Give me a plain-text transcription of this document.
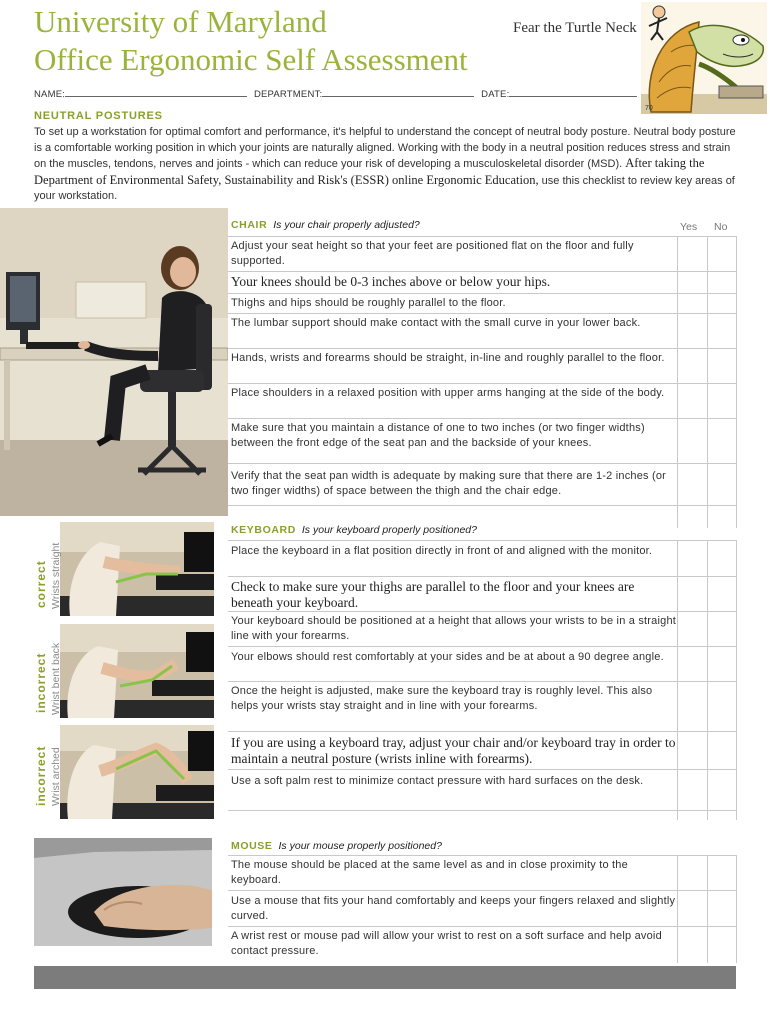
University of Maryland
Office Ergonomic Self Assessment
Fear the Turtle Neck
70
NAME:	DEPARTMENT:	DATE:
NEUTRAL POSTURES
To set up a workstation for optimal comfort and performance, it's helpful to understand the concept of neutral body posture. Neutral body posture is a comfortable working position in which your joints are naturally aligned. Working with the body in a neutral position reduces stress and strain on the muscles, tendons, nerves and joints - which can reduce your risk of developing a musculoskeletal disorder (MSD). After taking the Department of Environmental Safety, Sustainability and Risk's (ESSR) online Ergonomic Education, use this checklist to review key areas of your workstation.
CHAIR Is your chair properly adjusted?	Yes No
Adjust your seat height so that your feet are positioned flat on the floor and fully supported.
Your knees should be 0-3 inches above or below your hips.
Thighs and hips should be roughly parallel to the floor.
The lumbar support should make contact with the small curve in your lower back.
Hands, wrists and forearms should be straight, in-line and roughly parallel to the floor.
Place shoulders in a relaxed position with upper arms hanging at the side of the body.
Make sure that you maintain a distance of one to two inches (or two finger widths) between the front edge of the seat pan and the backside of your knees.
Verify that the seat pan width is adequate by making sure that there are 1-2 inches (or two finger widths) of space between the thigh and the chair edge.
correct Wrists straight
incorrect Wrist bent back
incorrect Wrist arched
KEYBOARD Is your keyboard properly positioned?
Place the keyboard in a flat position directly in front of and aligned with the monitor.
Check to make sure your thighs are parallel to the floor and your knees are beneath your keyboard.
Your keyboard should be positioned at a height that allows your wrists to be in a straight line with your forearms.
Your elbows should rest comfortably at your sides and be at about a 90 degree angle.
Once the height is adjusted, make sure the keyboard tray is roughly level. This also helps your wrists stay straight and in line with your forearms.
If you are using a keyboard tray, adjust your chair and/or keyboard tray in order to maintain a neutral posture (wrists inline with forearms).
Use a soft palm rest to minimize contact pressure with hard surfaces on the desk.
MOUSE Is your mouse properly positioned?
The mouse should be placed at the same level as and in close proximity to the keyboard.
Use a mouse that fits your hand comfortably and keeps your fingers relaxed and slightly curved.
A wrist rest or mouse pad will allow your wrist to rest on a soft surface and help avoid contact pressure.
